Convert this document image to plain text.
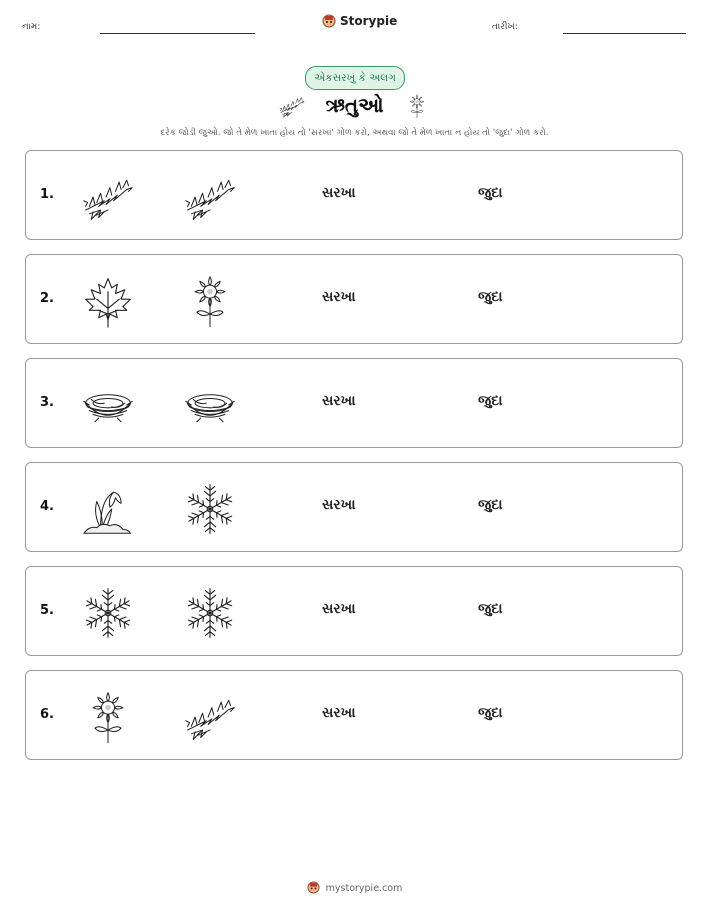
નામ:	Storypie	તારીખ:
એકસરખું કે અલગ
ઋતુઓ
દરેક જોડી જુઓ. જો તે મેળ ખાતા હોય તો 'સરખા' ગોળ કરો, અથવા જો તે મેળ ખાતા ન હોય તો 'જુદા' ગોળ કરો.
1.	સરખા	જુદા
2.	સરખા	જુદા
3.	સરખા	જુદા
4.	સરખા	જુદા
5.	સરખા	જુદા
6.	સરખા	જુદા
mystorypie.com
